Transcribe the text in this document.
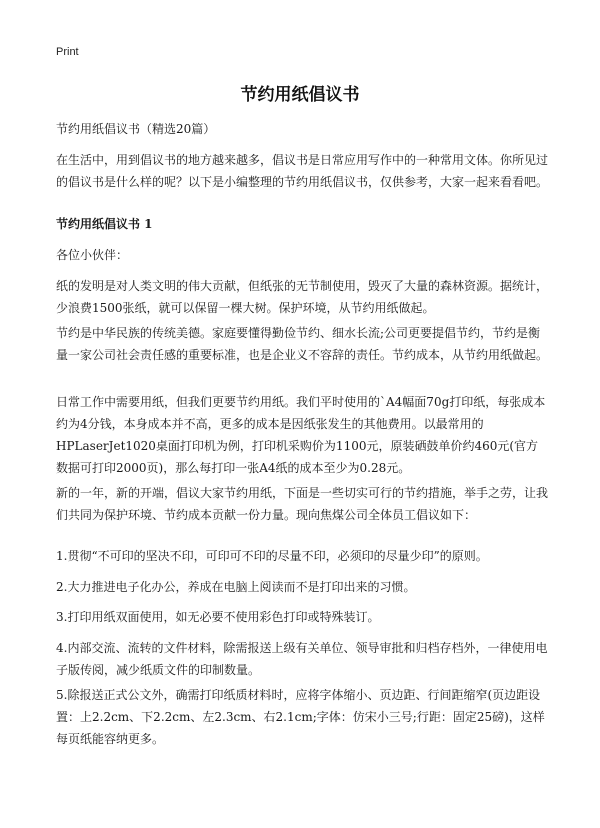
Print
节约用纸倡议书

节约用纸倡议书（精选20篇）

在生活中，用到倡议书的地方越来越多，倡议书是日常应用写作中的一种常用文体。你所见过的倡议书是什么样的呢？以下是小编整理的节约用纸倡议书，仅供参考，大家一起来看看吧。

节约用纸倡议书 1

各位小伙伴：

纸的发明是对人类文明的伟大贡献，但纸张的无节制使用，毁灭了大量的森林资源。据统计，少浪费1500张纸，就可以保留一棵大树。保护环境，从节约用纸做起。

节约是中华民族的传统美德。家庭要懂得勤俭节约、细水长流;公司更要提倡节约，节约是衡量一家公司社会责任感的重要标准，也是企业义不容辞的责任。节约成本，从节约用纸做起。

日常工作中需要用纸，但我们更要节约用纸。我们平时使用的`A4幅面70g打印纸，每张成本约为4分钱，本身成本并不高，更多的成本是因纸张发生的其他费用。以最常用的HPLaserJet1020桌面打印机为例，打印机采购价为1100元，原装硒鼓单价约460元(官方数据可打印2000页)，那么每打印一张A4纸的成本至少为0.28元。

新的一年，新的开端，倡议大家节约用纸，下面是一些切实可行的节约措施，举手之劳，让我们共同为保护环境、节约成本贡献一份力量。现向焦煤公司全体员工倡议如下：

1.贯彻“不可印的坚决不印，可印可不印的尽量不印，必须印的尽量少印”的原则。

2.大力推进电子化办公，养成在电脑上阅读而不是打印出来的习惯。

3.打印用纸双面使用，如无必要不使用彩色打印或特殊装订。

4.内部交流、流转的文件材料，除需报送上级有关单位、领导审批和归档存档外，一律使用电子版传阅，减少纸质文件的印制数量。

5.除报送正式公文外，确需打印纸质材料时，应将字体缩小、页边距、行间距缩窄(页边距设置：上2.2cm、下2.2cm、左2.3cm、右2.1cm;字体：仿宋小三号;行距：固定25磅)，这样每页纸能容纳更多。
